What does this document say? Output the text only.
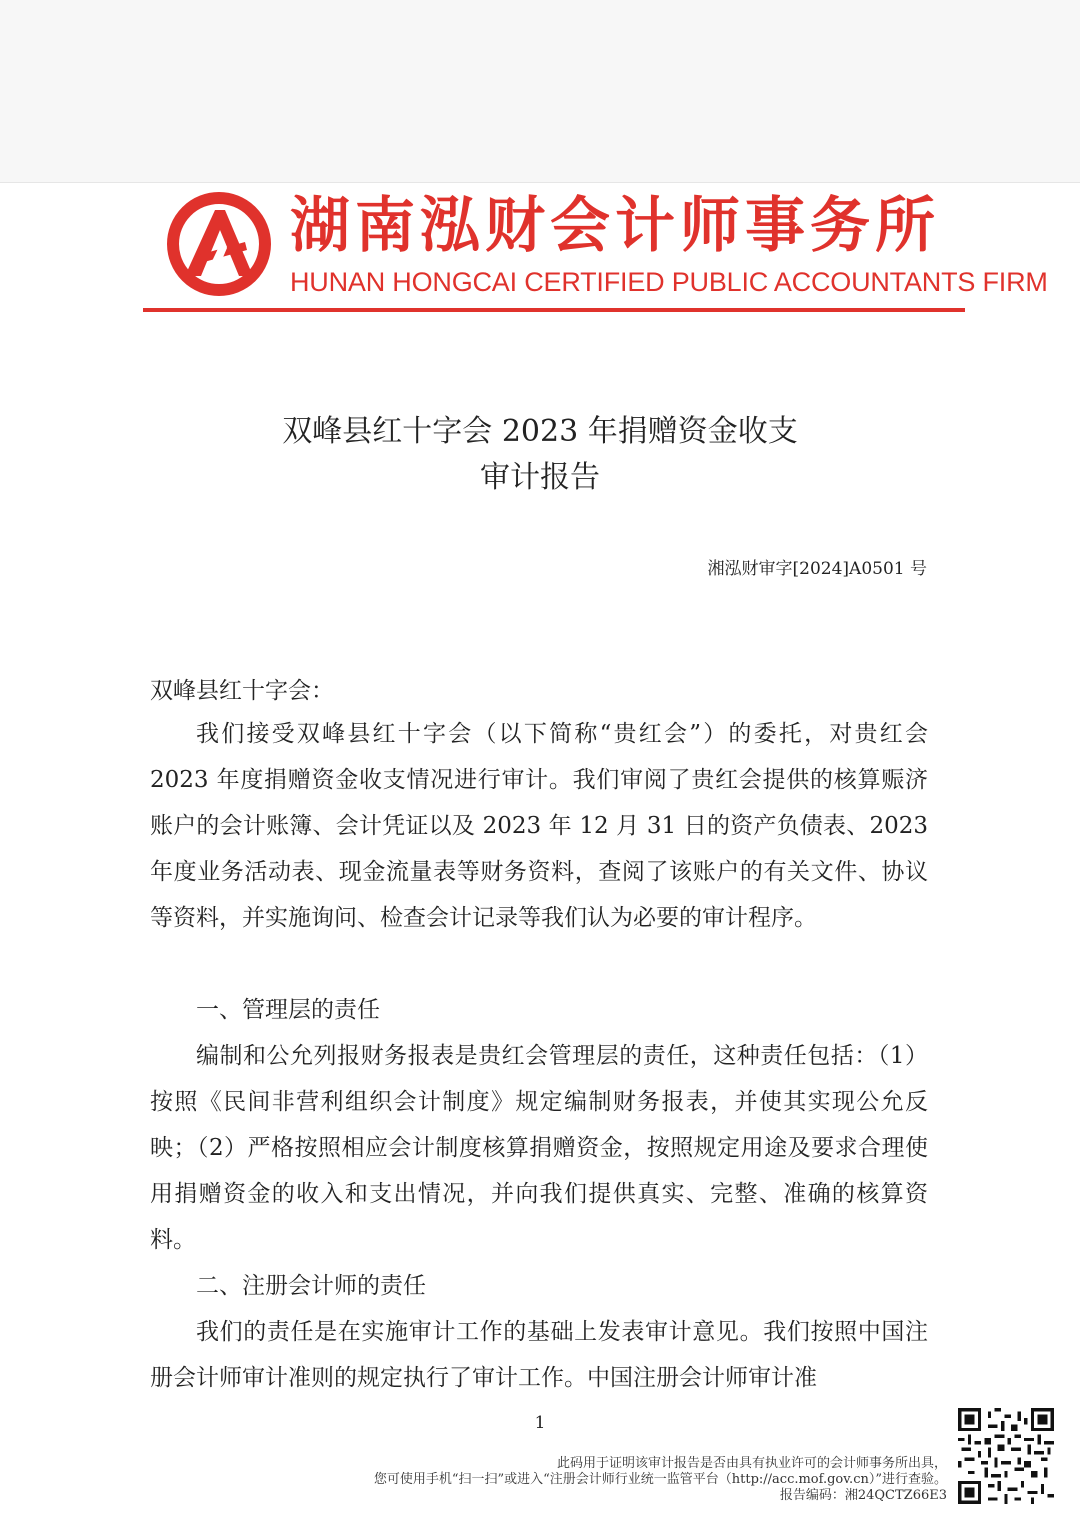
湖南泓财会计师事务所
HUNAN HONGCAI CERTIFIED PUBLIC ACCOUNTANTS FIRM
双峰县红十字会 2023 年捐赠资金收支
审计报告
湘泓财审字[2024]A0501 号
双峰县红十字会：

我们接受双峰县红十字会（以下简称“贵红会”）的委托，对贵红会 2023 年度捐赠资金收支情况进行审计。我们审阅了贵红会提供的核算赈济账户的会计账簿、会计凭证以及 2023 年 12 月 31 日的资产负债表、2023 年度业务活动表、现金流量表等财务资料，查阅了该账户的有关文件、协议等资料，并实施询问、检查会计记录等我们认为必要的审计程序。

一、管理层的责任

编制和公允列报财务报表是贵红会管理层的责任，这种责任包括：（1）按照《民间非营利组织会计制度》规定编制财务报表，并使其实现公允反映；（2）严格按照相应会计制度核算捐赠资金，按照规定用途及要求合理使用捐赠资金的收入和支出情况，并向我们提供真实、完整、准确的核算资料。

二、注册会计师的责任

我们的责任是在实施审计工作的基础上发表审计意见。我们按照中国注册会计师审计准则的规定执行了审计工作。中国注册会计师审计准

1
此码用于证明该审计报告是否由具有执业许可的会计师事务所出具，
您可使用手机“扫一扫”或进入“注册会计师行业统一监管平台（http://acc.mof.gov.cn）”进行查验。
报告编码：湘24QCTZ66E3
